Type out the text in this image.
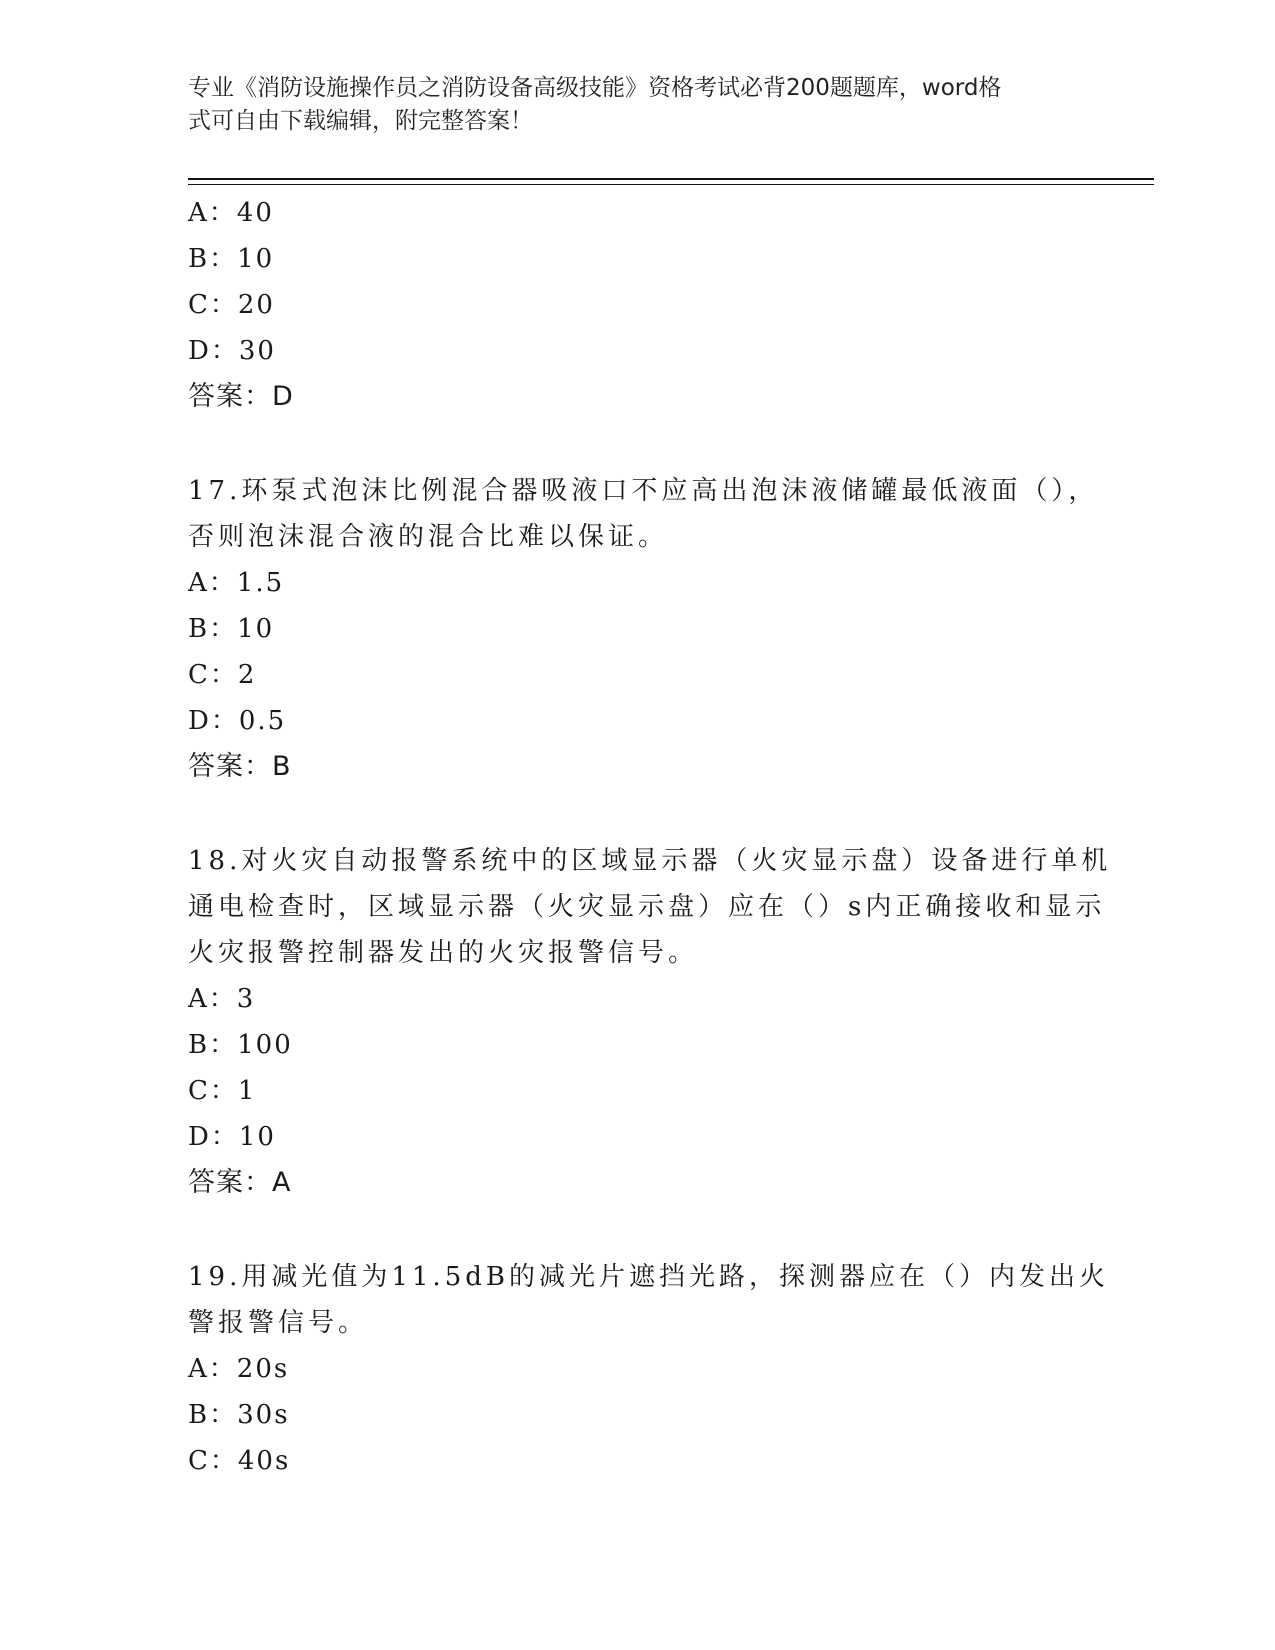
专业《消防设施操作员之消防设备高级技能》资格考试必背200题题库，word格
式可自由下载编辑，附完整答案！
A：40
B：10
C：20
D：30
答案：D
17.环泵式泡沫比例混合器吸液口不应高出泡沫液储罐最低液面（），
否则泡沫混合液的混合比难以保证。
A：1.5
B：10
C：2
D：0.5
答案：B
18.对火灾自动报警系统中的区域显示器（火灾显示盘）设备进行单机
通电检查时，区域显示器（火灾显示盘）应在（）s内正确接收和显示
火灾报警控制器发出的火灾报警信号。
A：3
B：100
C：1
D：10
答案：A
19.用减光值为11.5dB的减光片遮挡光路，探测器应在（）内发出火
警报警信号。
A：20s
B：30s
C：40s
